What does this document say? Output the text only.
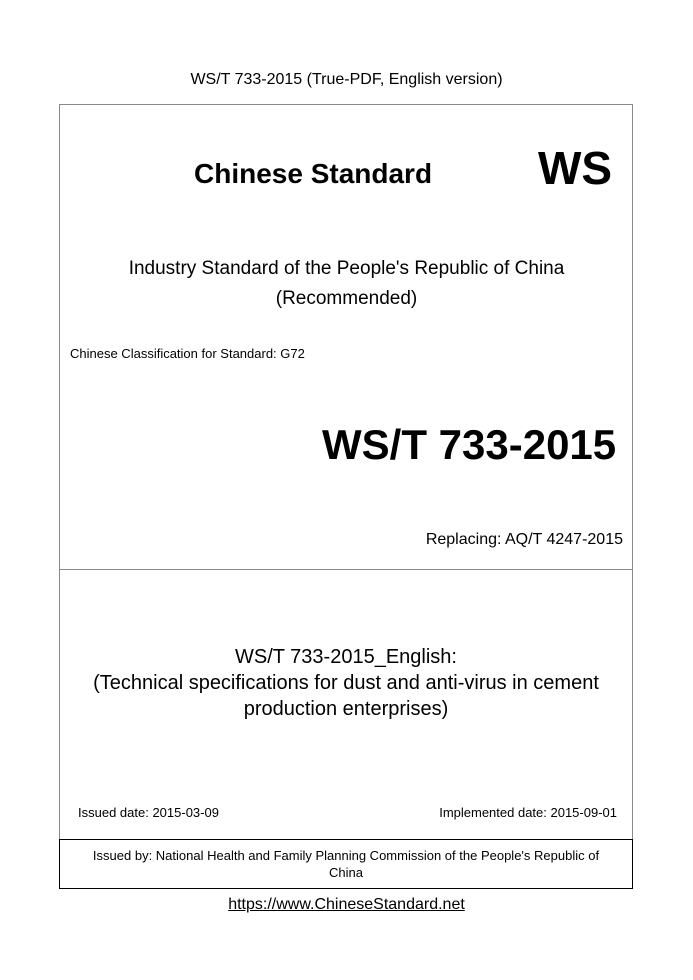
WS/T 733-2015 (True-PDF, English version)
Chinese Standard WS
Industry Standard of the People's Republic of China
(Recommended)
Chinese Classification for Standard: G72
WS/T 733-2015
Replacing: AQ/T 4247-2015
WS/T 733-2015_English:
(Technical specifications for dust and anti-virus in cement
production enterprises)
Issued date: 2015-03-09	Implemented date: 2015-09-01
Issued by: National Health and Family Planning Commission of the People's Republic of
China
https://www.ChineseStandard.net
